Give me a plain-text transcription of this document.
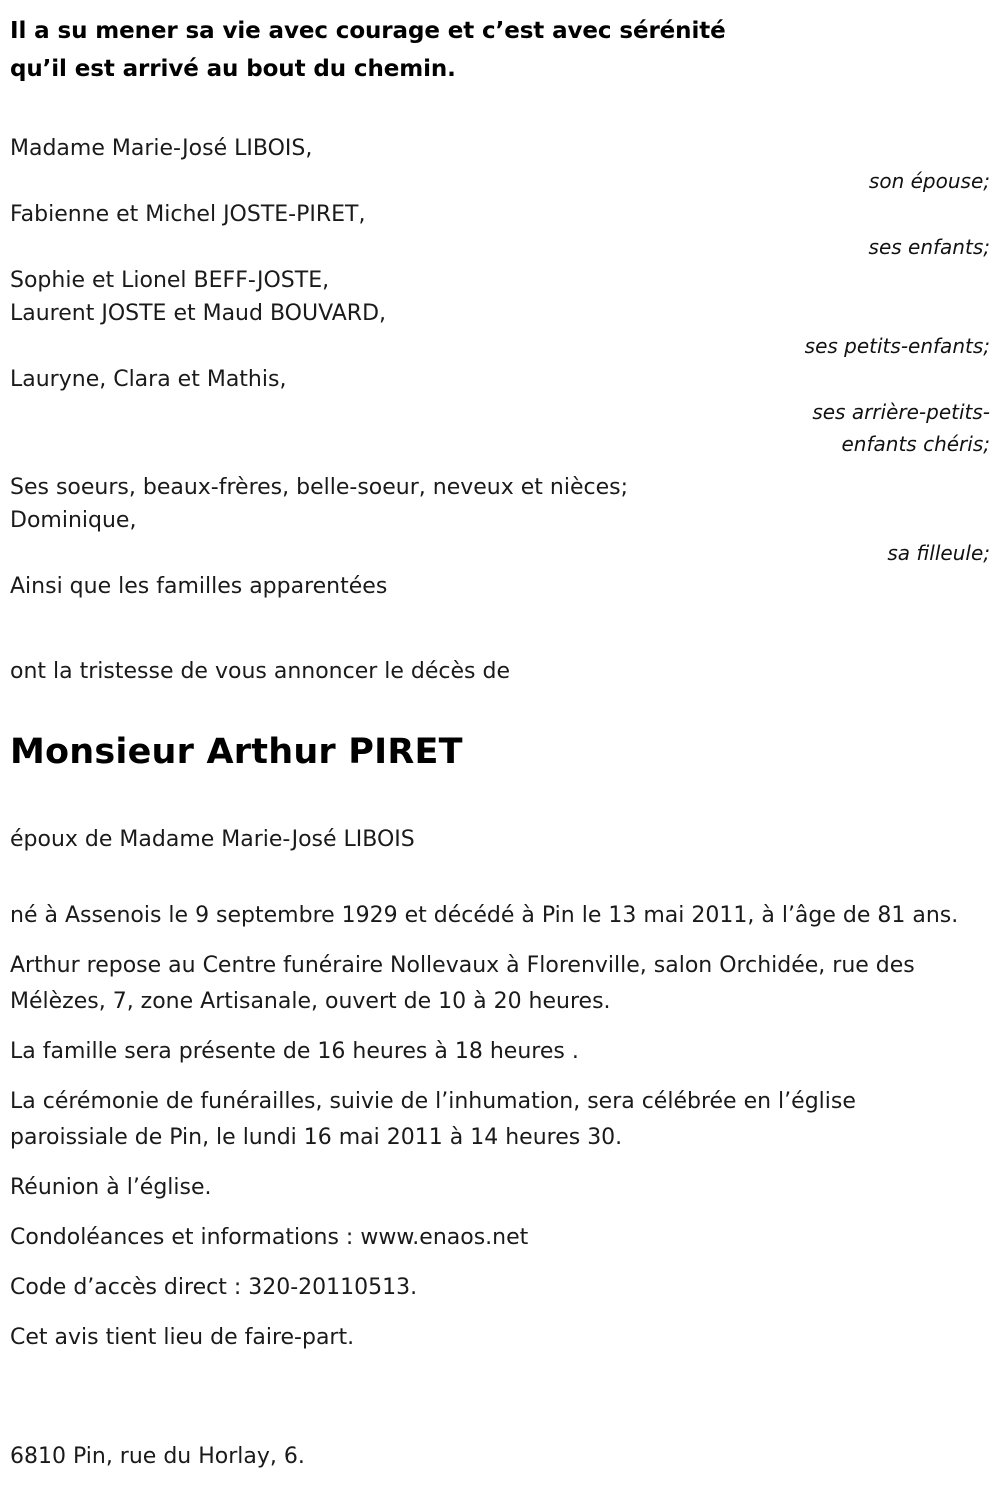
Il a su mener sa vie avec courage et c’est avec sérénité
qu’il est arrivé au bout du chemin.
Madame Marie-José LIBOIS,
son épouse;
Fabienne et Michel JOSTE-PIRET,
ses enfants;
Sophie et Lionel BEFF-JOSTE,
Laurent JOSTE et Maud BOUVARD,
ses petits-enfants;
Lauryne, Clara et Mathis,
ses arrière-petits-enfants chéris;
Ses soeurs, beaux-frères, belle-soeur, neveux et nièces;
Dominique,
sa filleule;
Ainsi que les familles apparentées
ont la tristesse de vous annoncer le décès de
Monsieur Arthur PIRET
époux de Madame Marie-José LIBOIS

né à Assenois le 9 septembre 1929 et décédé à Pin le 13 mai 2011, à l’âge de 81 ans.

Arthur repose au Centre funéraire Nollevaux à Florenville, salon Orchidée, rue des Mélèzes, 7, zone Artisanale, ouvert de 10 à 20 heures.

La famille sera présente de 16 heures à 18 heures .

La cérémonie de funérailles, suivie de l’inhumation, sera célébrée en l’église paroissiale de Pin, le lundi 16 mai 2011 à 14 heures 30.

Réunion à l’église.

Condoléances et informations : www.enaos.net

Code d’accès direct : 320-20110513.

Cet avis tient lieu de faire-part.

6810 Pin, rue du Horlay, 6.
